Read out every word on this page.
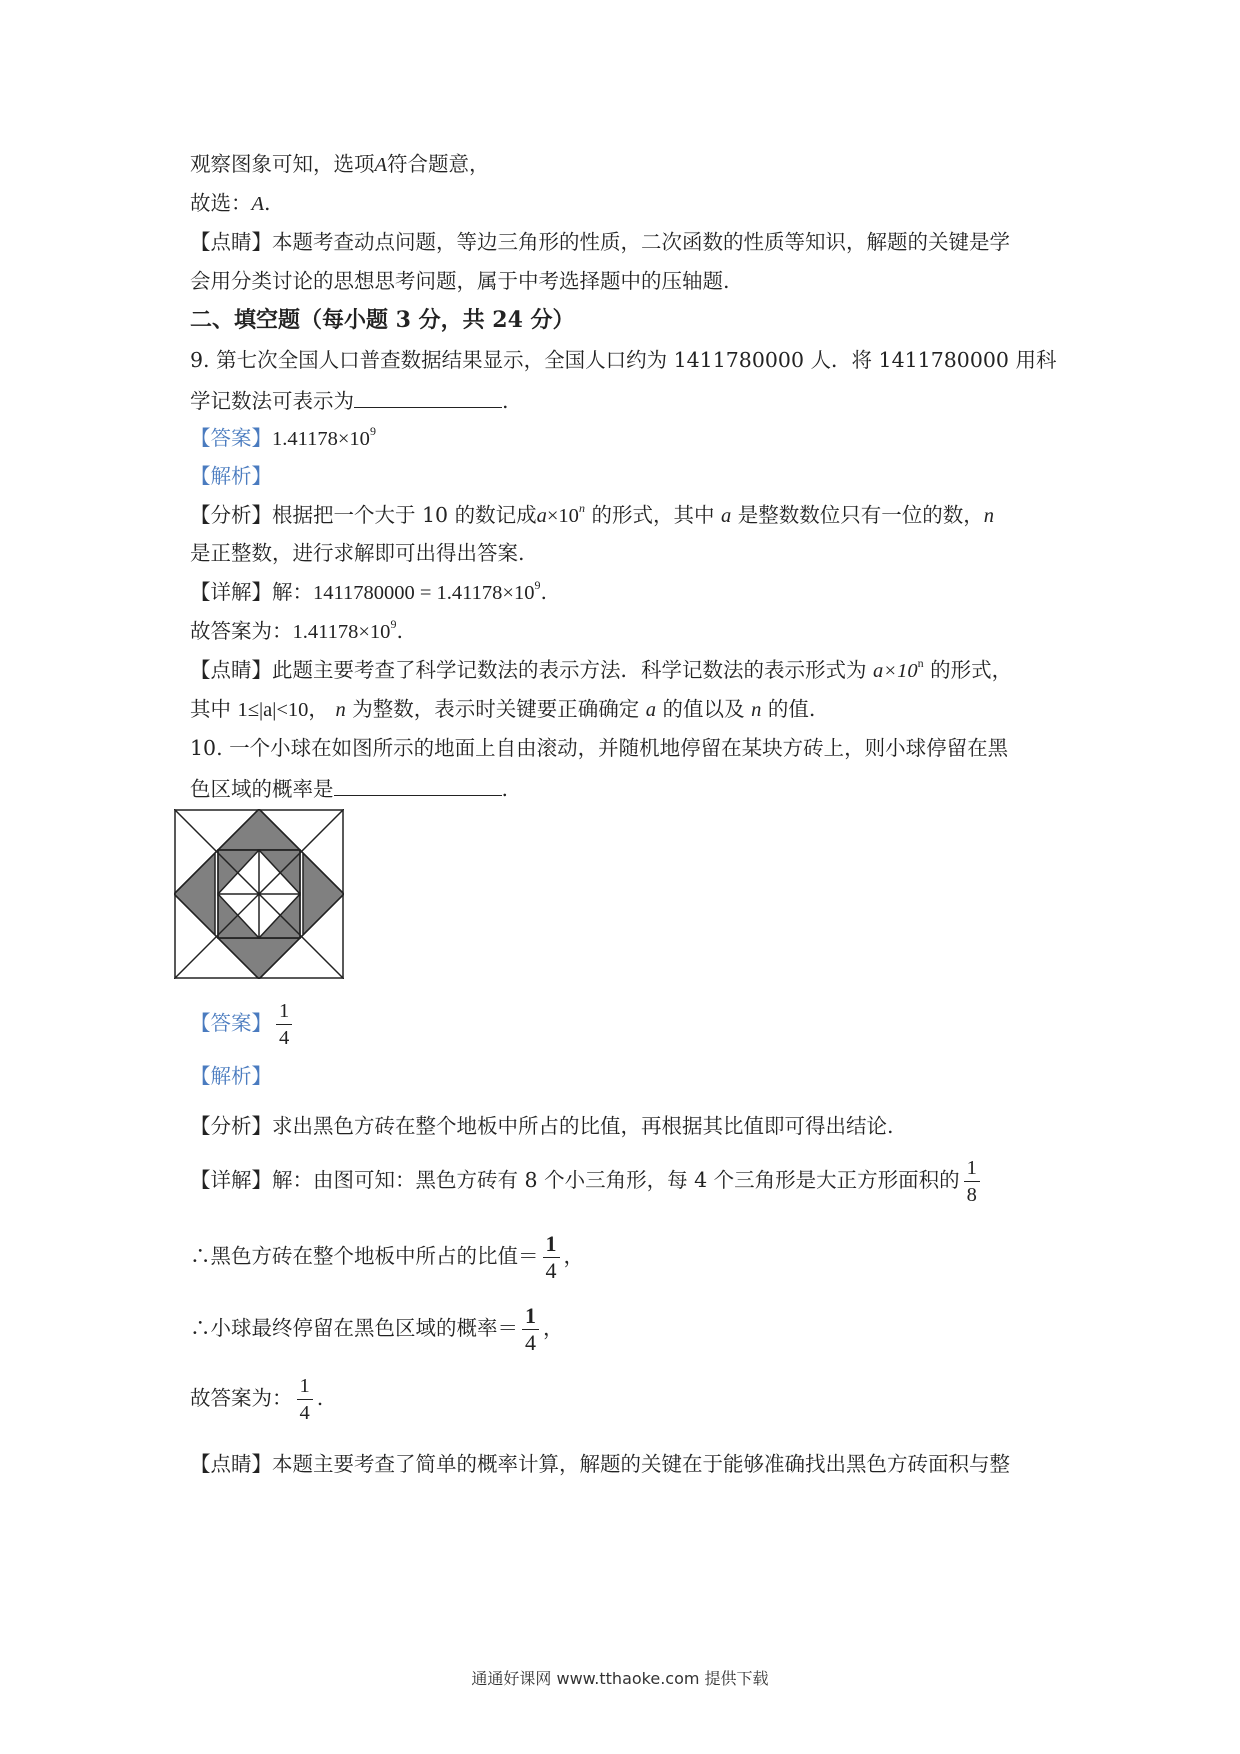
观察图象可知，选项A符合题意，
故选：A.
【点睛】本题考查动点问题，等边三角形的性质，二次函数的性质等知识，解题的关键是学
会用分类讨论的思想思考问题，属于中考选择题中的压轴题.
二、填空题（每小题 3 分，共 24 分）
9. 第七次全国人口普查数据结果显示，全国人口约为 1411780000 人．将 1411780000 用科
学记数法可表示为	.
【答案】$1.41178\times 10^9$
【解析】
【分析】根据把一个大于 10 的数记成$a\times 10^n$ 的形式，其中 a 是整数数位只有一位的数，n
是正整数，进行求解即可出得出答案.
【详解】解：$1411780000 = 1.41178\times 10^9$.
故答案为：$1.41178\times 10^9$.
【点睛】此题主要考查了科学记数法的表示方法．科学记数法的表示形式为 $a\times 10^n$ 的形式，
其中 1≤|a|<10， n 为整数，表示时关键要正确确定 a 的值以及 n 的值.
10. 一个小球在如图所示的地面上自由滚动，并随机地停留在某块方砖上，则小球停留在黑
色区域的概率是	.
【答案】 $\frac{1}{4}$
【解析】
【分析】求出黑色方砖在整个地板中所占的比值，再根据其比值即可得出结论.
【详解】解：由图可知：黑色方砖有 8 个小三角形，每 4 个三角形是大正方形面积的 $\frac{1}{8}$
∴黑色方砖在整个地板中所占的比值＝ $\frac{1}{4}$ ，
∴小球最终停留在黑色区域的概率＝ $\frac{1}{4}$ ，
故答案为： $\frac{1}{4}$ .
【点睛】本题主要考查了简单的概率计算，解题的关键在于能够准确找出黑色方砖面积与整
通通好课网 www.tthaoke.com 提供下载
